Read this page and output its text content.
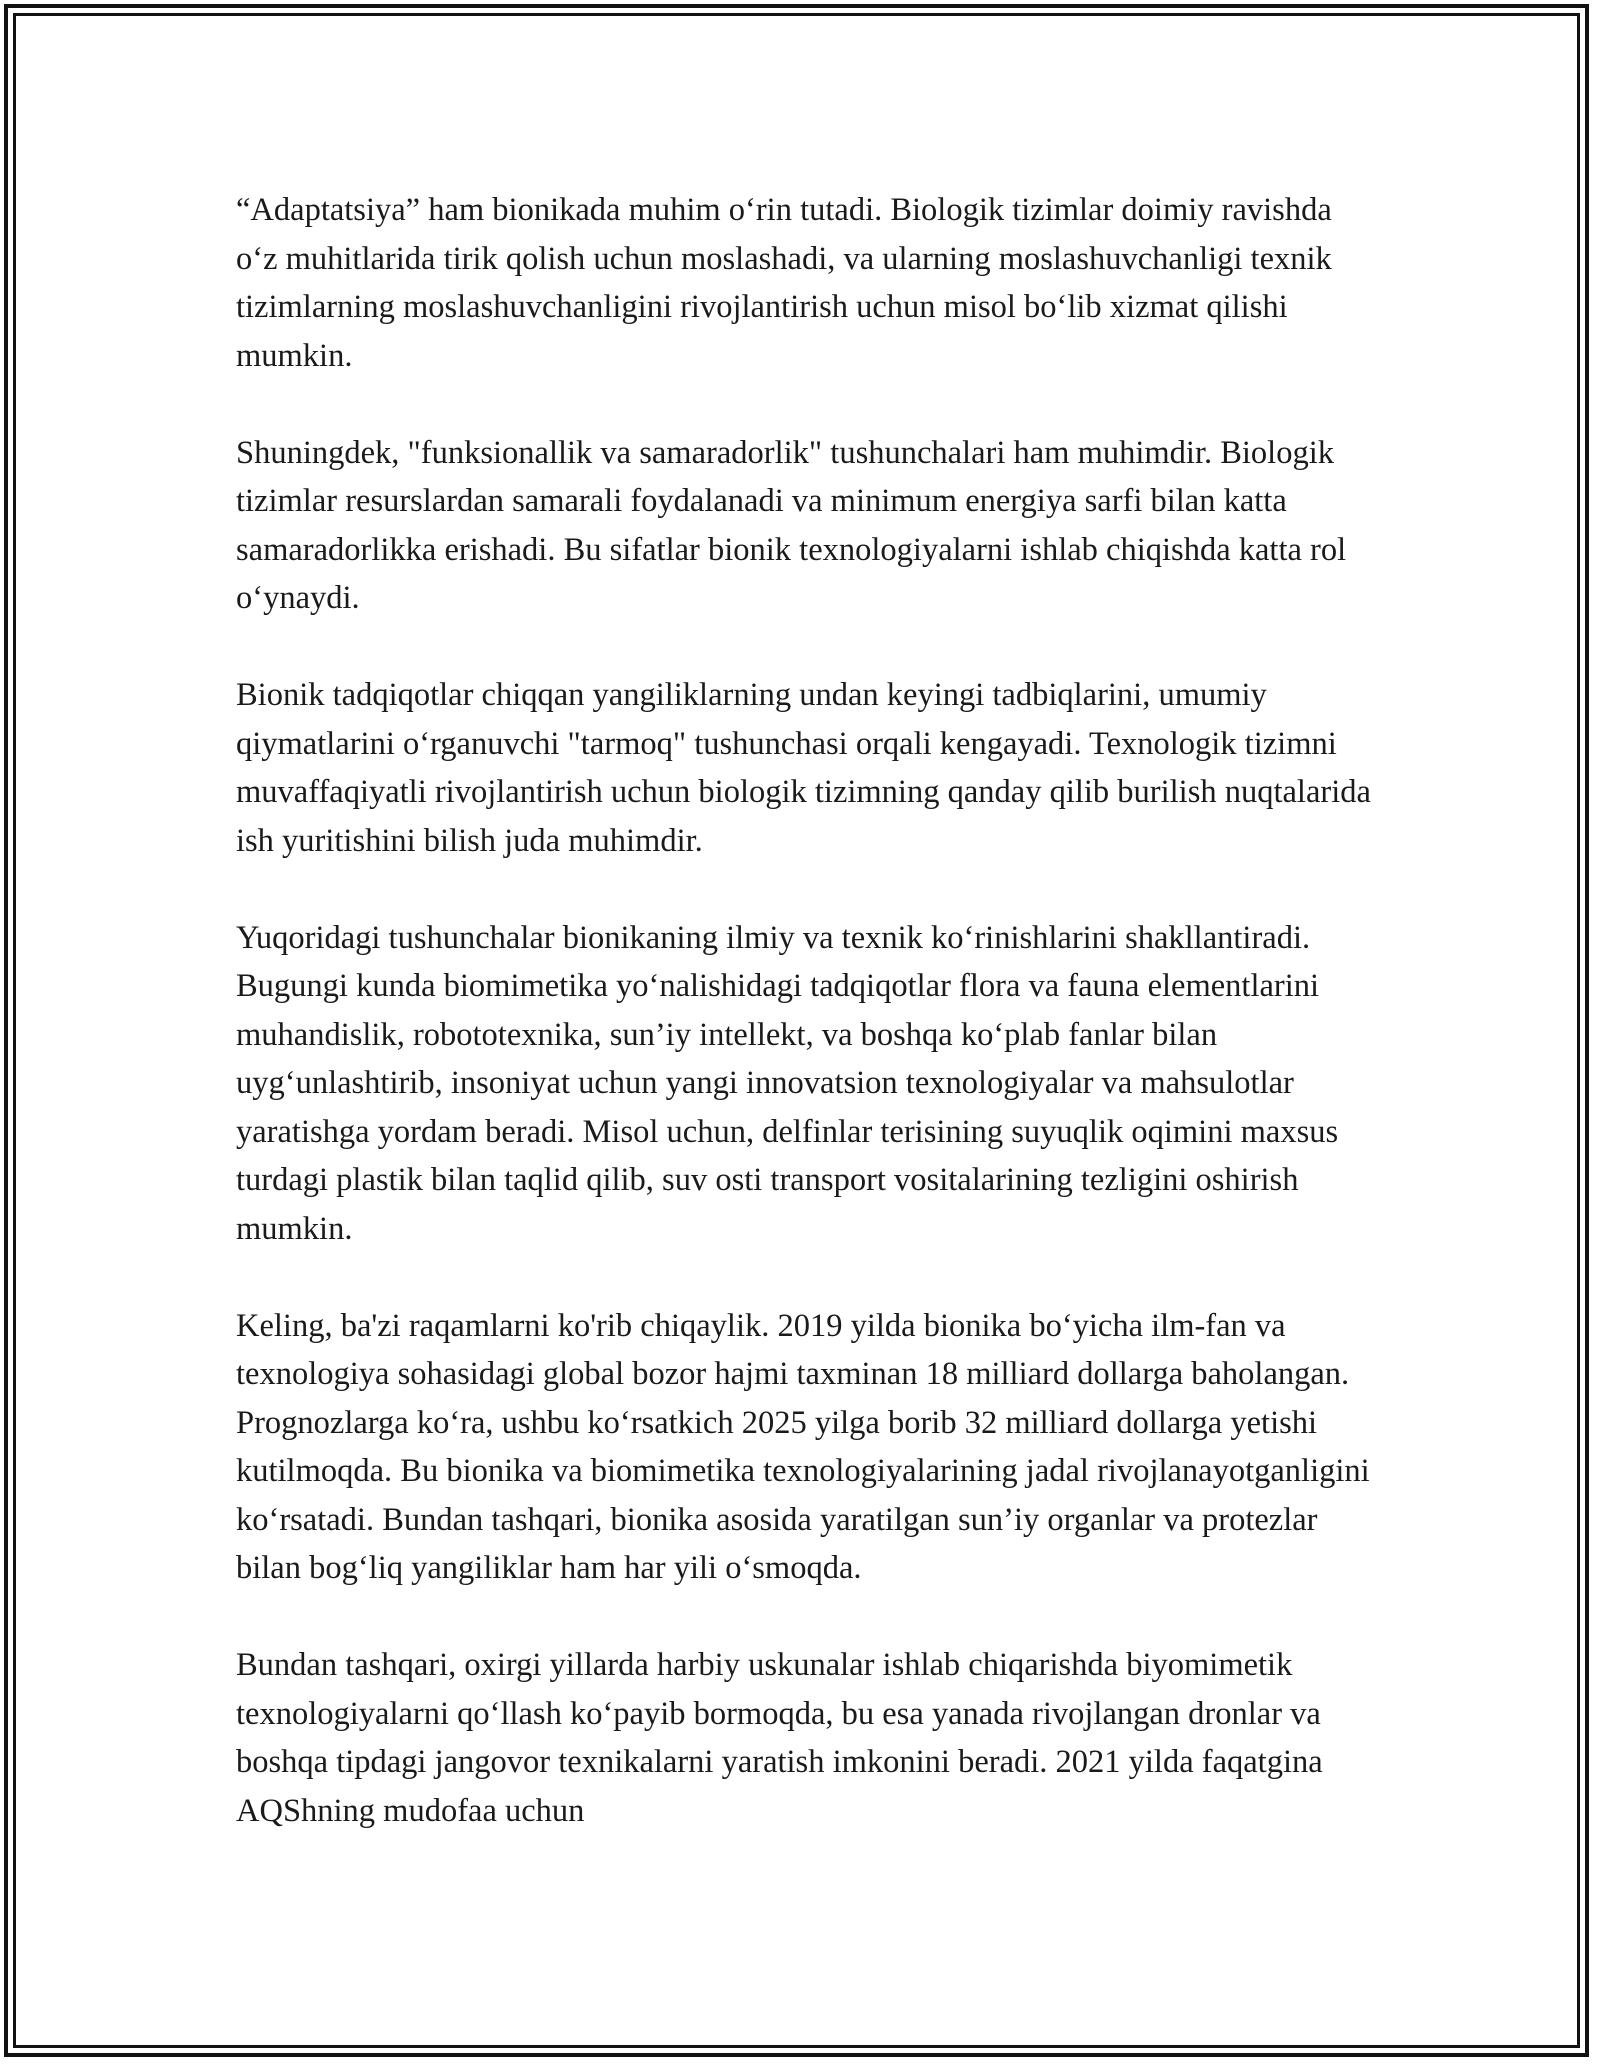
“Adaptatsiya” ham bionikada muhim oʻrin tutadi. Biologik tizimlar doimiy ravishda oʻz muhitlarida tirik qolish uchun moslashadi, va ularning moslashuvchanligi texnik tizimlarning moslashuvchanligini rivojlantirish uchun misol boʻlib xizmat qilishi mumkin.

Shuningdek, "funksionallik va samaradorlik" tushunchalari ham muhimdir. Biologik tizimlar resurslardan samarali foydalanadi va minimum energiya sarfi bilan katta samaradorlikka erishadi. Bu sifatlar bionik texnologiyalarni ishlab chiqishda katta rol oʻynaydi.

Bionik tadqiqotlar chiqqan yangiliklarning undan keyingi tadbiqlarini, umumiy qiymatlarini oʻrganuvchi "tarmoq" tushunchasi orqali kengayadi. Texnologik tizimni muvaffaqiyatli rivojlantirish uchun biologik tizimning qanday qilib burilish nuqtalarida ish yuritishini bilish juda muhimdir.

Yuqoridagi tushunchalar bionikaning ilmiy va texnik koʻrinishlarini shakllantiradi. Bugungi kunda biomimetika yoʻnalishidagi tadqiqotlar flora va fauna elementlarini muhandislik, robototexnika, sun’iy intellekt, va boshqa koʻplab fanlar bilan uygʻunlashtirib, insoniyat uchun yangi innovatsion texnologiyalar va mahsulotlar yaratishga yordam beradi. Misol uchun, delfinlar terisining suyuqlik oqimini maxsus turdagi plastik bilan taqlid qilib, suv osti transport vositalarining tezligini oshirish mumkin.

Keling, ba'zi raqamlarni ko'rib chiqaylik. 2019 yilda bionika boʻyicha ilm-fan va texnologiya sohasidagi global bozor hajmi taxminan 18 milliard dollarga baholangan. Prognozlarga koʻra, ushbu koʻrsatkich 2025 yilga borib 32 milliard dollarga yetishi kutilmoqda. Bu bionika va biomimetika texnologiyalarining jadal rivojlanayotganligini koʻrsatadi. Bundan tashqari, bionika asosida yaratilgan sun’iy organlar va protezlar bilan bogʻliq yangiliklar ham har yili oʻsmoqda.

Bundan tashqari, oxirgi yillarda harbiy uskunalar ishlab chiqarishda biyomimetik texnologiyalarni qoʻllash koʻpayib bormoqda, bu esa yanada rivojlangan dronlar va boshqa tipdagi jangovor texnikalarni yaratish imkonini beradi. 2021 yilda faqatgina AQShning mudofaa uchun
